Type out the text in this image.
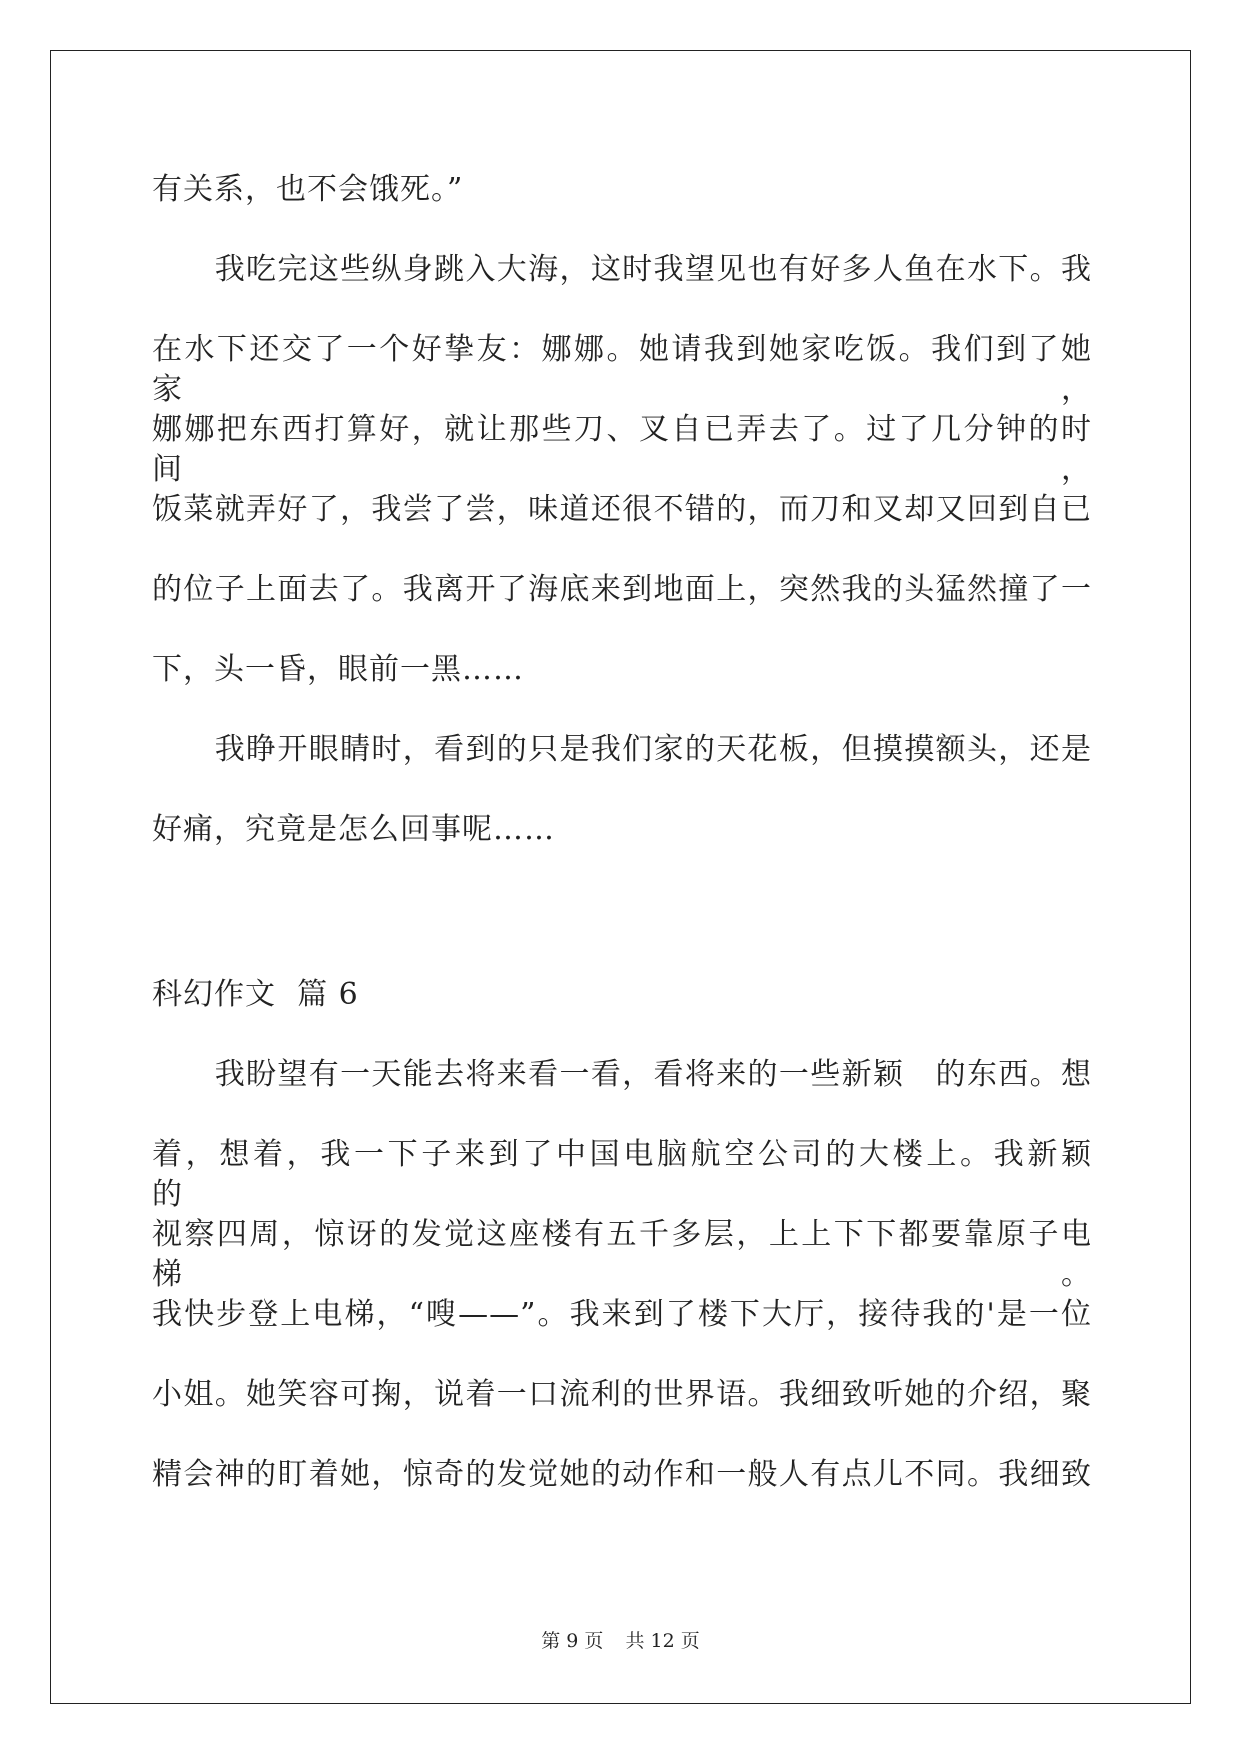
有关系，也不会饿死。”
　　我吃完这些纵身跳入大海，这时我望见也有好多人鱼在水下。我
在水下还交了一个好挚友：娜娜。她请我到她家吃饭。我们到了她家，
娜娜把东西打算好，就让那些刀、叉自已弄去了。过了几分钟的时间，
饭菜就弄好了，我尝了尝，味道还很不错的，而刀和叉却又回到自已
的位子上面去了。我离开了海底来到地面上，突然我的头猛然撞了一
下，头一昏，眼前一黑……
　　我睁开眼睛时，看到的只是我们家的天花板，但摸摸额头，还是
好痛，究竟是怎么回事呢……
科幻作文  篇 6
　　我盼望有一天能去将来看一看，看将来的一些新颖　的东西。想
着，想着，我一下子来到了中国电脑航空公司的大楼上。我新颖　 的
视察四周，惊讶的发觉这座楼有五千多层，上上下下都要靠原子电梯。
我快步登上电梯，“嗖——”。我来到了楼下大厅，接待我的'是一位
小姐。她笑容可掬，说着一口流利的世界语。我细致听她的介绍，聚
精会神的盯着她，惊奇的发觉她的动作和一般人有点儿不同。我细致
第 9 页 共 12 页
